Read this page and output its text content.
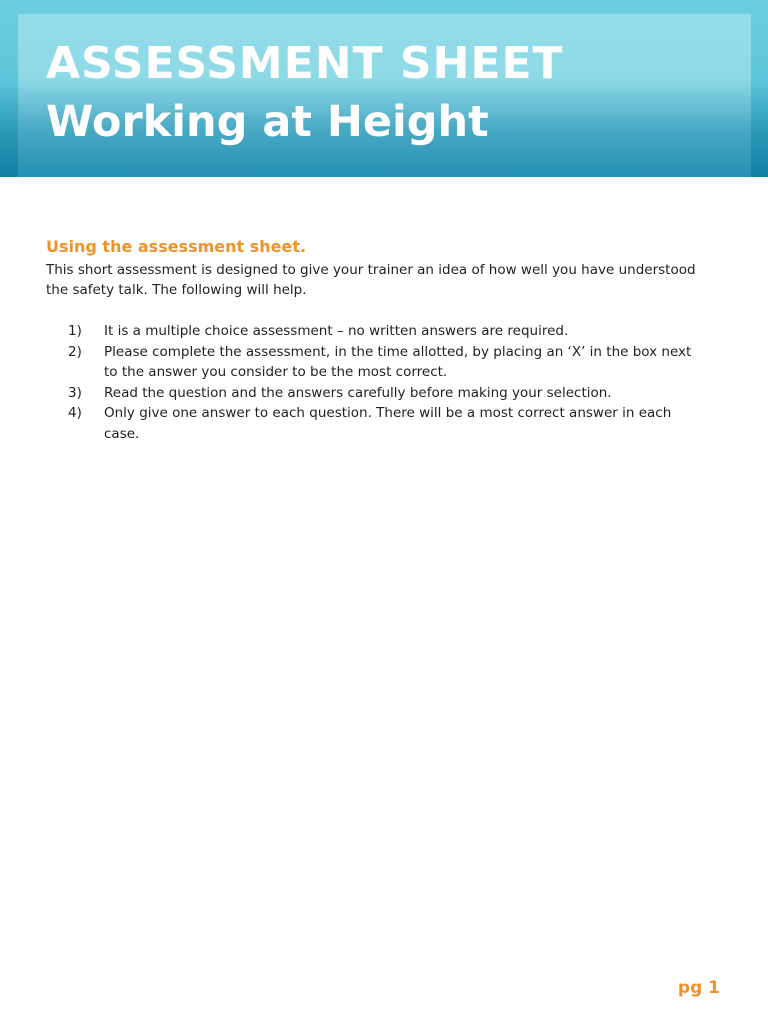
ASSESSMENT SHEET
Working at Height
Using the assessment sheet.

This short assessment is designed to give your trainer an idea of how well you have understood the safety talk. The following will help.

1) It is a multiple choice assessment – no written answers are required.
2) Please complete the assessment, in the time allotted, by placing an ‘X’ in the box next to the answer you consider to be the most correct.
3) Read the question and the answers carefully before making your selection.
4) Only give one answer to each question. There will be a most correct answer in each case.

pg 1
